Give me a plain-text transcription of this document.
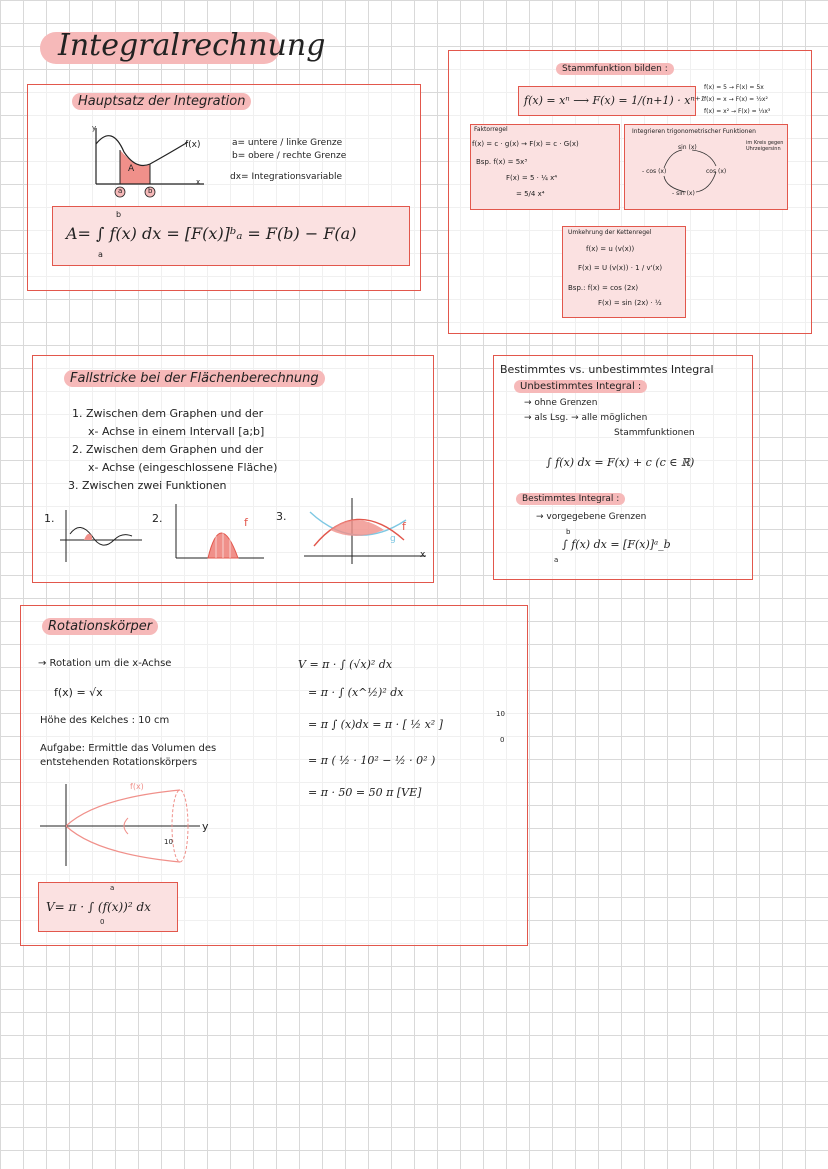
Integralrechnung
Hauptsatz der Integration
y
x
A
a	b
f(x)	a= untere / linke Grenze
b= obere / rechte Grenze
dx= Integrationsvariable
A= ∫ f(x) dx = [F(x)]ᵇₐ = F(b) − F(a)
b
a
Stammfunktion bilden :
f(x) = xⁿ ⟶ F(x) = 1/(n+1) · xⁿ⁺¹
f(x) = 5 → F(x) = 5x
f(x) = x → F(x) = ½x²
f(x) = x² → F(x) = ⅓x³
Faktorregel
f(x) = c · g(x) → F(x) = c · G(x)
Bsp. f(x) = 5x³
F(x) = 5 · ¼ x⁴
= 5/4 x⁴
Integrieren trigonometrischer Funktionen
im Kreis gegen Uhrzeigersinn
sin (x)
- cos (x)	cos (x)
- sin (x)
Umkehrung der Kettenregel
f(x) = u (v(x))
F(x) = U (v(x)) · 1 / v'(x)
Bsp.: f(x) = cos (2x)
F(x) = sin (2x) · ½
Fallstricke bei der Flächenberechnung
1. Zwischen dem Graphen und der
x- Achse in einem Intervall [a;b]
2. Zwischen dem Graphen und der
x- Achse (eingeschlossene Fläche)
3. Zwischen zwei Funktionen
1.	2.	3.
f	f
g
x
Bestimmtes vs. unbestimmtes Integral
Unbestimmtes Integral :
→ ohne Grenzen
→ als Lsg. → alle möglichen
Stammfunktionen
∫ f(x) dx = F(x) + c (c ∈ ℝ)
Bestimmtes Integral :
→ vorgegebene Grenzen
∫ f(x) dx = [F(x)]ᵃ_b
b
a
Rotationskörper
→ Rotation um die x-Achse
f(x) = √x
Höhe des Kelches : 10 cm
Aufgabe: Ermittle das Volumen des
entstehenden Rotationskörpers
f(x)
10
y
V= π · ∫ (f(x))² dx
a
0
V = π · ∫ (√x)² dx
= π · ∫ (x^½)² dx
= π ∫ (x)dx = π · [ ½ x² ]
= π ( ½ · 10² − ½ · 0² )
= π · 50 = 50 π [VE]
10
0
